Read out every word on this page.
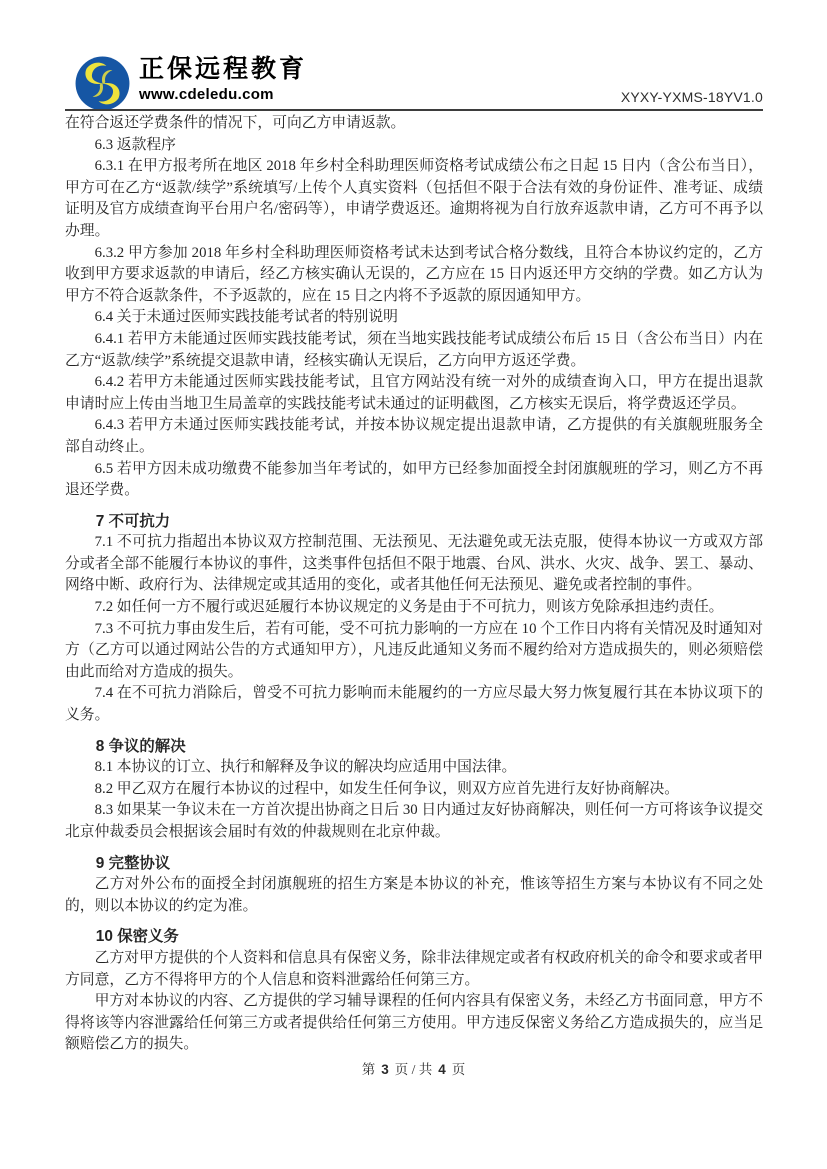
正保远程教育
www.cdeledu.com	XYXY-YXMS-18YV1.0

在符合返还学费条件的情况下，可向乙方申请返款。

6.3 返款程序

6.3.1 在甲方报考所在地区 2018 年乡村全科助理医师资格考试成绩公布之日起 15 日内（含公布当日），甲方可在乙方“返款/续学”系统填写/上传个人真实资料（包括但不限于合法有效的身份证件、准考证、成绩证明及官方成绩查询平台用户名/密码等），申请学费返还。逾期将视为自行放弃返款申请，乙方可不再予以办理。

6.3.2 甲方参加 2018 年乡村全科助理医师资格考试未达到考试合格分数线，且符合本协议约定的，乙方收到甲方要求返款的申请后，经乙方核实确认无误的，乙方应在 15 日内返还甲方交纳的学费。如乙方认为甲方不符合返款条件，不予返款的，应在 15 日之内将不予返款的原因通知甲方。

6.4 关于未通过医师实践技能考试者的特别说明

6.4.1 若甲方未能通过医师实践技能考试，须在当地实践技能考试成绩公布后 15 日（含公布当日）内在乙方“返款/续学”系统提交退款申请，经核实确认无误后，乙方向甲方返还学费。

6.4.2 若甲方未能通过医师实践技能考试，且官方网站没有统一对外的成绩查询入口，甲方在提出退款申请时应上传由当地卫生局盖章的实践技能考试未通过的证明截图，乙方核实无误后，将学费返还学员。

6.4.3 若甲方未通过医师实践技能考试，并按本协议规定提出退款申请，乙方提供的有关旗舰班服务全部自动终止。

6.5 若甲方因未成功缴费不能参加当年考试的，如甲方已经参加面授全封闭旗舰班的学习，则乙方不再退还学费。

7 不可抗力

7.1 不可抗力指超出本协议双方控制范围、无法预见、无法避免或无法克服，使得本协议一方或双方部分或者全部不能履行本协议的事件，这类事件包括但不限于地震、台风、洪水、火灾、战争、罢工、暴动、网络中断、政府行为、法律规定或其适用的变化，或者其他任何无法预见、避免或者控制的事件。

7.2 如任何一方不履行或迟延履行本协议规定的义务是由于不可抗力，则该方免除承担违约责任。

7.3 不可抗力事由发生后，若有可能，受不可抗力影响的一方应在 10 个工作日内将有关情况及时通知对方（乙方可以通过网站公告的方式通知甲方），凡违反此通知义务而不履约给对方造成损失的，则必须赔偿由此而给对方造成的损失。

7.4 在不可抗力消除后，曾受不可抗力影响而未能履约的一方应尽最大努力恢复履行其在本协议项下的义务。

8 争议的解决

8.1 本协议的订立、执行和解释及争议的解决均应适用中国法律。

8.2 甲乙双方在履行本协议的过程中，如发生任何争议，则双方应首先进行友好协商解决。

8.3 如果某一争议未在一方首次提出协商之日后 30 日内通过友好协商解决，则任何一方可将该争议提交北京仲裁委员会根据该会届时有效的仲裁规则在北京仲裁。

9 完整协议

乙方对外公布的面授全封闭旗舰班的招生方案是本协议的补充，惟该等招生方案与本协议有不同之处的，则以本协议的约定为准。

10 保密义务

乙方对甲方提供的个人资料和信息具有保密义务，除非法律规定或者有权政府机关的命令和要求或者甲方同意，乙方不得将甲方的个人信息和资料泄露给任何第三方。

甲方对本协议的内容、乙方提供的学习辅导课程的任何内容具有保密义务，未经乙方书面同意，甲方不得将该等内容泄露给任何第三方或者提供给任何第三方使用。甲方违反保密义务给乙方造成损失的，应当足额赔偿乙方的损失。

第 3 页 / 共 4 页
